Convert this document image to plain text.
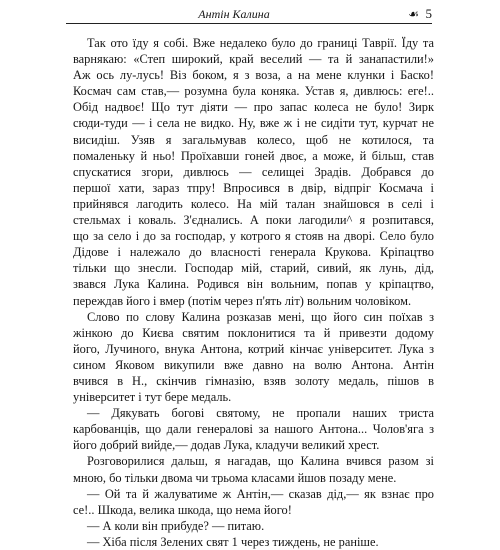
Антін Калина	☙ 5

Так ото їду я собі. Вже недалеко було до границі Таврії. Їду та
варнякаю: «Степ широкий, край веселий — та й занапастили!»
Аж ось лу-лусь! Віз боком, я з воза, а на мене клунки і Баско!
Космач сам став,— розумна була коняка. Устав я, дивлюсь: еге!..
Обід надвоє! Що тут діяти — про запас колеса не було! Зирк
сюди-туди — і села не видко. Ну, вже ж і не сидіти тут, курчат не
висидіш. Узяв я загальмував колесо, щоб не котилося, та
помаленьку й ньо! Проїхавши гоней двоє, а може, й більш, став
спускатися згори, дивлюсь — селищеі Зрадів. Добрався до
першої хати, зараз тпру! Впросився в двір, відпріг Космача і
прийнявся лагодить колесо. На мій талан знайшовся в селі і
стельмах і коваль. З'єднались. А поки лагодили^ я розпитався,
що за село і до за господар, у котрого я стояв на дворі. Село було
Дідове і належало до власності генерала Крукова. Кріпацтво
тільки що знесли. Господар мій, старий, сивий, як лунь, дід,
звався Лука Калина. Родився він вольним, попав у кріпацтво,
переждав його і вмер (потім через п'ять літ) вольним чоловіком.

Слово по слову Калина розказав мені, що його син поїхав з
жінкою до Києва святим поклонитися та й привезти додому
його, Лучиного, внука Антона, котрий кінчає університет. Лука з
сином Яковом викупили вже давно на волю Антона. Антін
вчився в Н., скінчив гімназію, взяв золоту медаль, пішов в
університет і тут бере медаль.

— Дякувать богові святому, не пропали наших триста
карбованців, що дали генералові за нашого Антона... Чолов'яга з
його добрий вийде,— додав Лука, кладучи великий хрест.

Розговорилися дальш, я нагадав, що Калина вчився разом зі
мною, бо тільки двома чи трьома класами йшов позаду мене.

— Ой та й жалуватиме ж Антін,— сказав дід,— як взнає про
се!.. Шкода, велика шкода, що нема його!

— А коли він прибуде? — питаю.

— Хіба після Зелених свят 1 через тиждень, не раніше.
